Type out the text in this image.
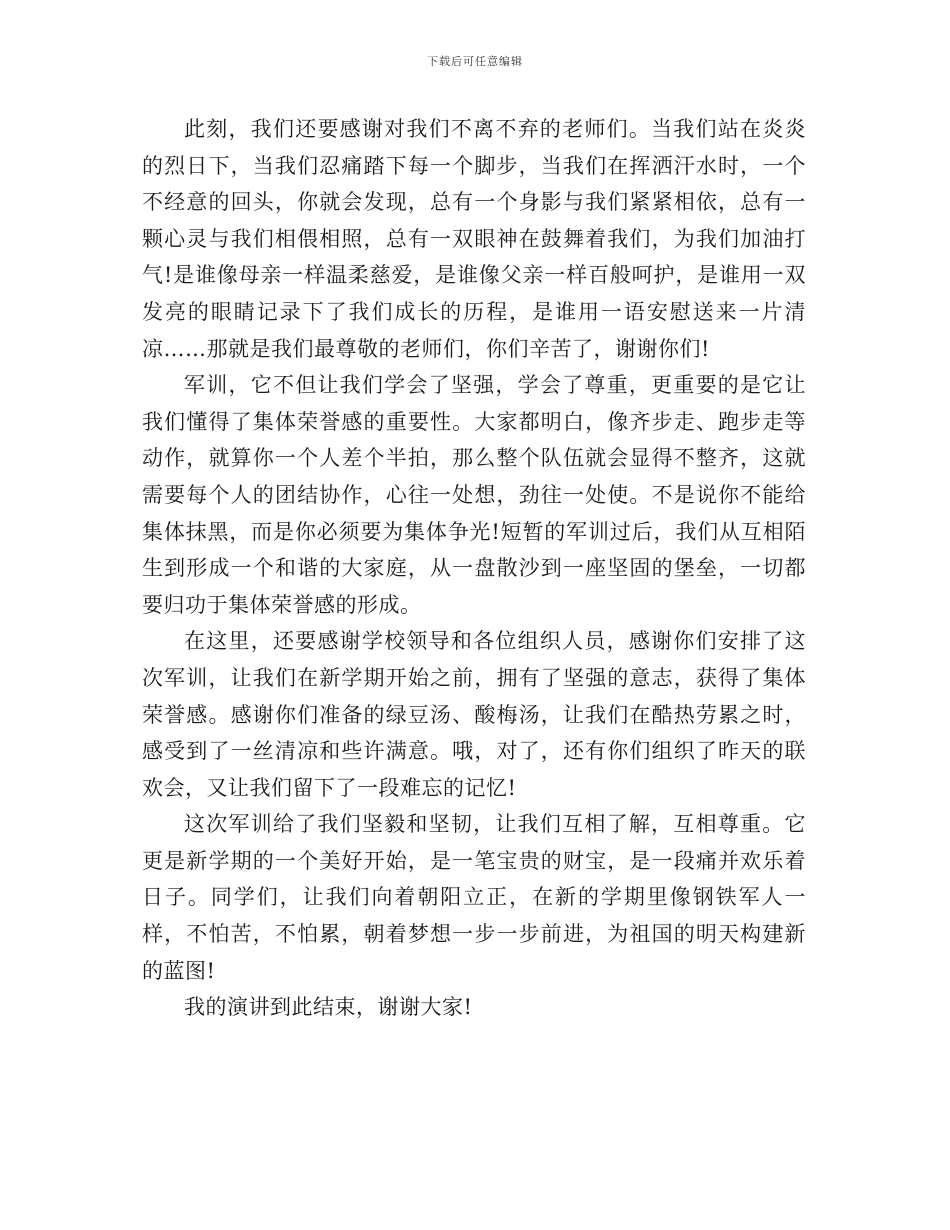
下载后可任意编辑

此刻，我们还要感谢对我们不离不弃的老师们。当我们站在炎炎的烈日下，当我们忍痛踏下每一个脚步，当我们在挥洒汗水时，一个不经意的回头，你就会发现，总有一个身影与我们紧紧相依，总有一颗心灵与我们相偎相照，总有一双眼神在鼓舞着我们，为我们加油打气!是谁像母亲一样温柔慈爱，是谁像父亲一样百般呵护，是谁用一双发亮的眼睛记录下了我们成长的历程，是谁用一语安慰送来一片清凉……那就是我们最尊敬的老师们，你们辛苦了，谢谢你们!

军训，它不但让我们学会了坚强，学会了尊重，更重要的是它让我们懂得了集体荣誉感的重要性。大家都明白，像齐步走、跑步走等动作，就算你一个人差个半拍，那么整个队伍就会显得不整齐，这就需要每个人的团结协作，心往一处想，劲往一处使。不是说你不能给集体抹黑，而是你必须要为集体争光!短暂的军训过后，我们从互相陌生到形成一个和谐的大家庭，从一盘散沙到一座坚固的堡垒，一切都要归功于集体荣誉感的形成。

在这里，还要感谢学校领导和各位组织人员，感谢你们安排了这次军训，让我们在新学期开始之前，拥有了坚强的意志，获得了集体荣誉感。感谢你们准备的绿豆汤、酸梅汤，让我们在酷热劳累之时，感受到了一丝清凉和些许满意。哦，对了，还有你们组织了昨天的联欢会，又让我们留下了一段难忘的记忆!

这次军训给了我们坚毅和坚韧，让我们互相了解，互相尊重。它更是新学期的一个美好开始，是一笔宝贵的财宝，是一段痛并欢乐着日子。同学们，让我们向着朝阳立正，在新的学期里像钢铁军人一样，不怕苦，不怕累，朝着梦想一步一步前进，为祖国的明天构建新的蓝图!

我的演讲到此结束，谢谢大家!
